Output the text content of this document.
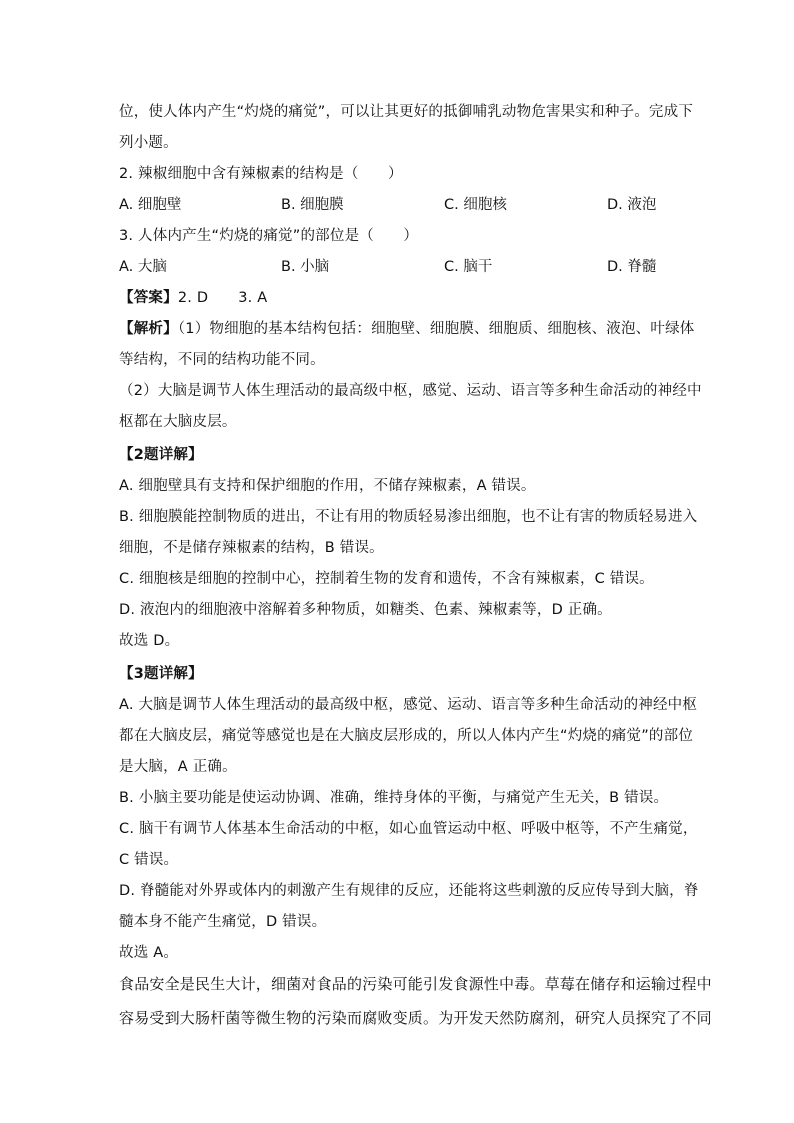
位，使人体内产生“灼烧的痛觉”，可以让其更好的抵御哺乳动物危害果实和种子。完成下
列小题。
2. 辣椒细胞中含有辣椒素的结构是（　　）
A. 细胞壁	B. 细胞膜	C. 细胞核	D. 液泡
3. 人体内产生“灼烧的痛觉”的部位是（　　）
A. 大脑	B. 小脑	C. 脑干	D. 脊髓
【答案】2. D 3. A
【解析】（1）物细胞的基本结构包括：细胞壁、细胞膜、细胞质、细胞核、液泡、叶绿体
等结构，不同的结构功能不同。
（2）大脑是调节人体生理活动的最高级中枢，感觉、运动、语言等多种生命活动的神经中
枢都在大脑皮层。
【2题详解】
A. 细胞壁具有支持和保护细胞的作用，不储存辣椒素，A 错误。
B. 细胞膜能控制物质的进出，不让有用的物质轻易渗出细胞，也不让有害的物质轻易进入
细胞，不是储存辣椒素的结构，B 错误。
C. 细胞核是细胞的控制中心，控制着生物的发育和遗传，不含有辣椒素，C 错误。
D. 液泡内的细胞液中溶解着多种物质，如糖类、色素、辣椒素等，D 正确。
故选 D。
【3题详解】
A. 大脑是调节人体生理活动的最高级中枢，感觉、运动、语言等多种生命活动的神经中枢
都在大脑皮层，痛觉等感觉也是在大脑皮层形成的，所以人体内产生“灼烧的痛觉”的部位
是大脑，A 正确。
B. 小脑主要功能是使运动协调、准确，维持身体的平衡，与痛觉产生无关，B 错误。
C. 脑干有调节人体基本生命活动的中枢，如心血管运动中枢、呼吸中枢等，不产生痛觉，
C 错误。
D. 脊髓能对外界或体内的刺激产生有规律的反应，还能将这些刺激的反应传导到大脑，脊
髓本身不能产生痛觉，D 错误。
故选 A。
食品安全是民生大计，细菌对食品的污染可能引发食源性中毒。草莓在储存和运输过程中
容易受到大肠杆菌等微生物的污染而腐败变质。为开发天然防腐剂，研究人员探究了不同
